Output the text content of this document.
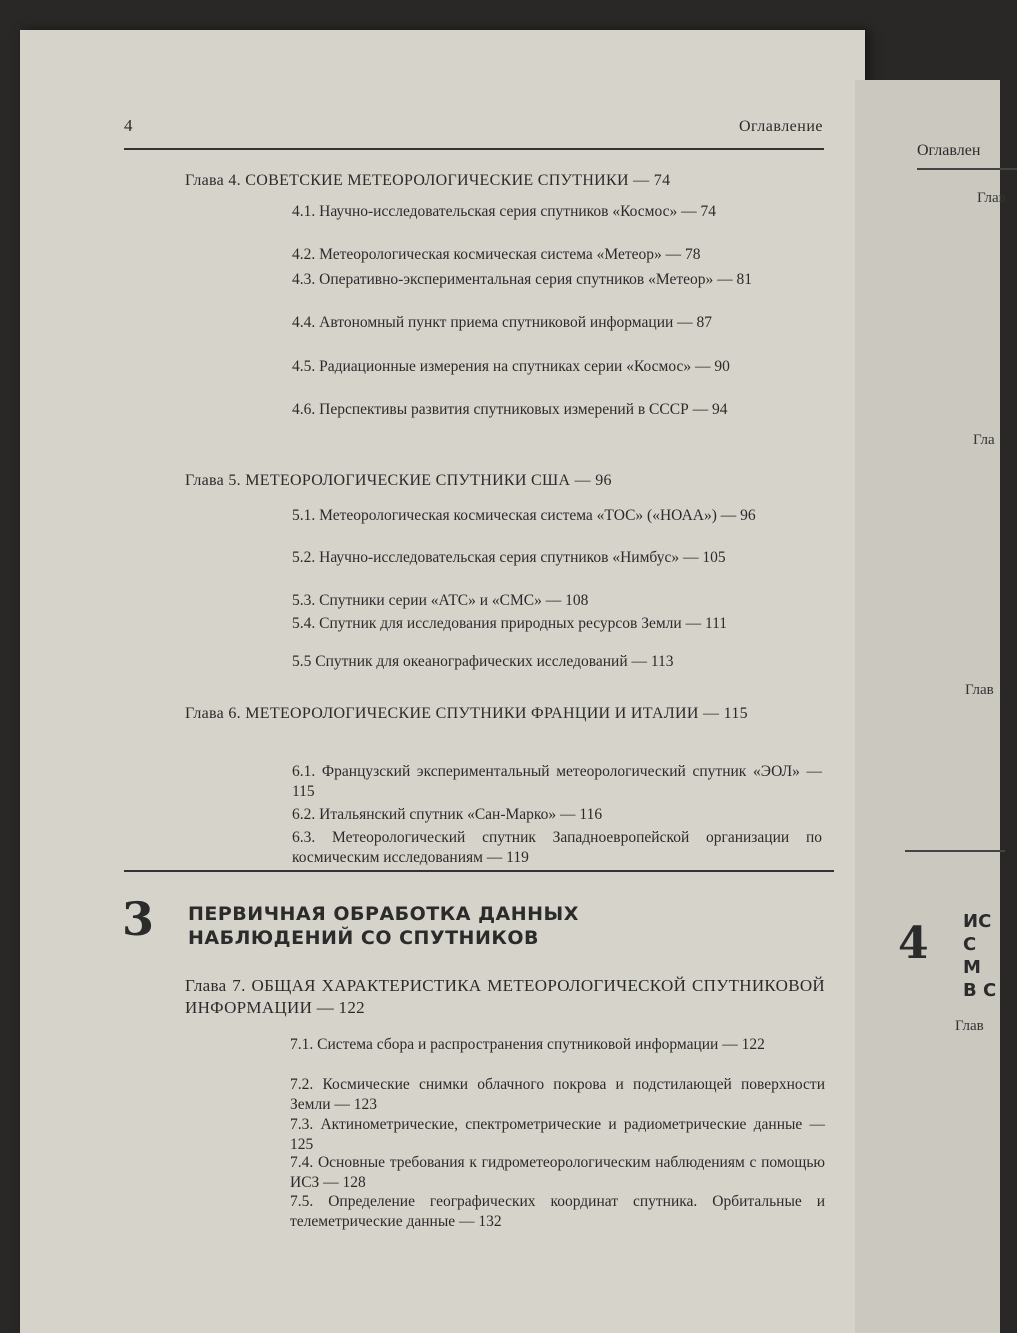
4	Оглавление
Глава 4. СОВЕТСКИЕ МЕТЕОРОЛОГИЧЕСКИЕ СПУТНИКИ — 74
4.1. Научно-исследовательская серия спутников «Космос» — 74
4.2. Метеорологическая космическая система «Метеор» — 78
4.3. Оперативно-экспериментальная серия спутников «Метеор» — 81
4.4. Автономный пункт приема спутниковой информации — 87
4.5. Радиационные измерения на спутниках серии «Космос» — 90
4.6. Перспективы развития спутниковых измерений в СССР — 94
Глава 5. МЕТЕОРОЛОГИЧЕСКИЕ СПУТНИКИ США — 96
5.1. Метеорологическая космическая система «ТОС» («НОАА») — 96
5.2. Научно-исследовательская серия спутников «Нимбус» — 105
5.3. Спутники серии «АТС» и «СМС» — 108
5.4. Спутник для исследования природных ресурсов Земли — 111
5.5 Спутник для океанографических исследований — 113
Глава 6. МЕТЕОРОЛОГИЧЕСКИЕ СПУТНИКИ ФРАНЦИИ И ИТАЛИИ — 115
6.1. Французский экспериментальный метеорологический спутник «ЭОЛ» — 115
6.2. Итальянский спутник «Сан-Марко» — 116
6.3. Метеорологический спутник Западноевропейской организации по космическим исследованиям — 119
3 ПЕРВИЧНАЯ ОБРАБОТКА ДАННЫХ НАБЛЮДЕНИЙ СО СПУТНИКОВ
Глава 7. ОБЩАЯ ХАРАКТЕРИСТИКА МЕТЕОРОЛОГИЧЕСКОЙ СПУТНИКОВОЙ ИНФОРМАЦИИ — 122
7.1. Система сбора и распространения спутниковой информации — 122
7.2. Космические снимки облачного покрова и подстилающей поверхности Земли — 123
7.3. Актинометрические, спектрометрические и радиометрические данные — 125
7.4. Основные требования к гидрометеорологическим наблюдениям с помощью ИСЗ — 128
7.5. Определение географических координат спутника. Орбитальные и телеметрические данные — 132
Оглавлен
Глав
Гла
Глав
4 ИС
С М
В С
Глав
